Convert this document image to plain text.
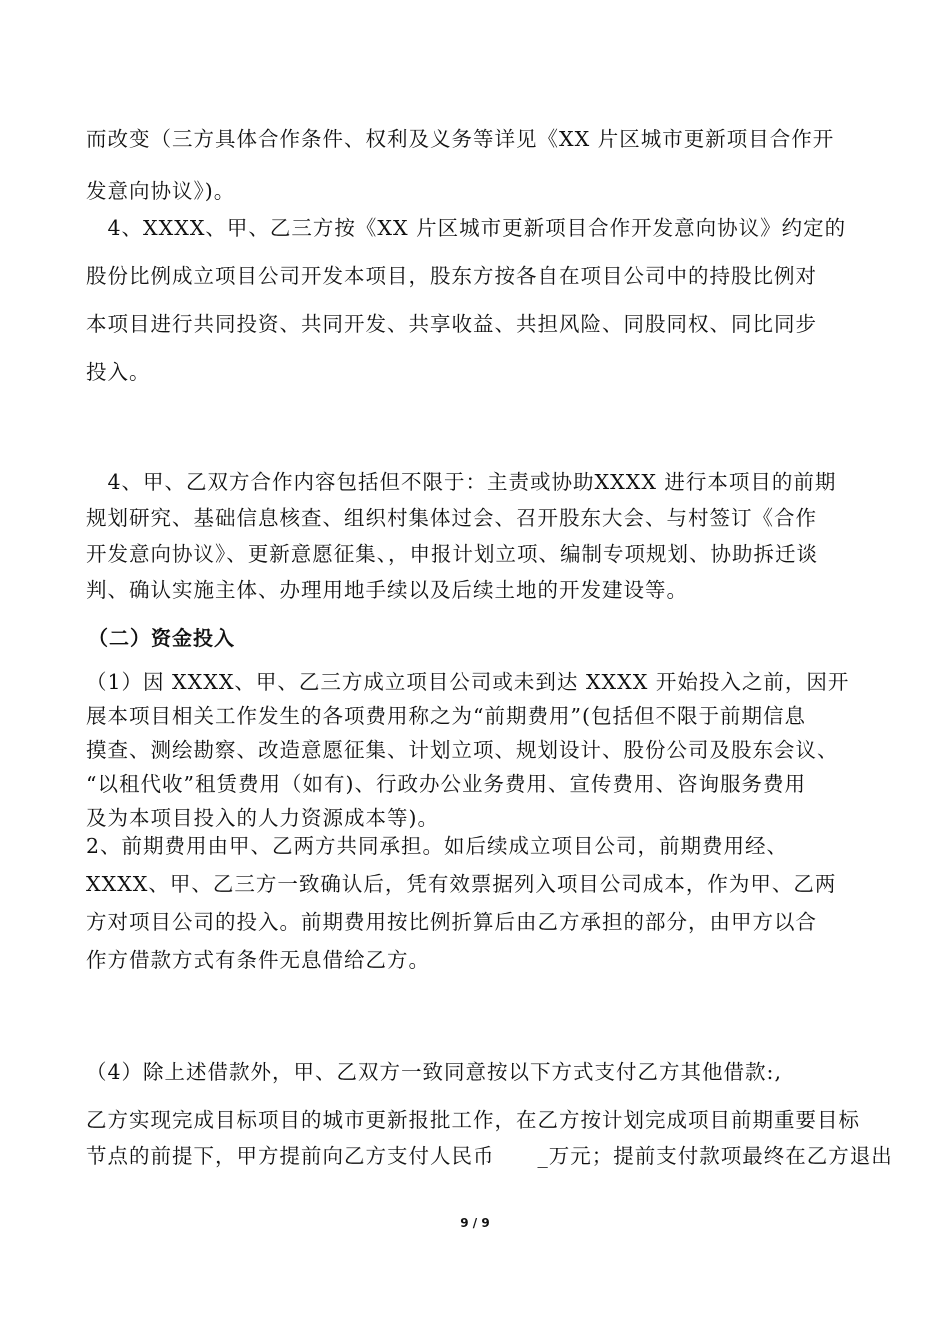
而改变（三方具体合作条件、权利及义务等详见《XX 片区城市更新项目合作开
发意向协议》)。

　4、XXXX、甲、乙三方按《XX 片区城市更新项目合作开发意向协议》约定的
股份比例成立项目公司开发本项目，股东方按各自在项目公司中的持股比例对
本项目进行共同投资、共同开发、共享收益、共担风险、同股同权、同比同步
投入。

　4、甲、乙双方合作内容包括但不限于：主责或协助XXXX 进行本项目的前期
规划研究、基础信息核查、组织村集体过会、召开股东大会、与村签订《合作
开发意向协议》、更新意愿征集、，申报计划立项、编制专项规划、协助拆迁谈
判、确认实施主体、办理用地手续以及后续土地的开发建设等。

（二）资金投入

（1）因 XXXX、甲、乙三方成立项目公司或未到达 XXXX 开始投入之前，因开
展本项目相关工作发生的各项费用称之为“前期费用”(包括但不限于前期信息
摸查、测绘勘察、改造意愿征集、计划立项、规划设计、股份公司及股东会议、
“以租代收”租赁费用（如有)、行政办公业务费用、宣传费用、咨询服务费用
及为本项目投入的人力资源成本等)。

2、前期费用由甲、乙两方共同承担。如后续成立项目公司，前期费用经、
XXXX、甲、乙三方一致确认后，凭有效票据列入项目公司成本，作为甲、乙两
方对项目公司的投入。前期费用按比例折算后由乙方承担的部分，由甲方以合
作方借款方式有条件无息借给乙方。

（4）除上述借款外，甲、乙双方一致同意按以下方式支付乙方其他借款:,

乙方实现完成目标项目的城市更新报批工作，在乙方按计划完成项目前期重要目标
节点的前提下，甲方提前向乙方支付人民币　　_万元；提前支付款项最终在乙方退出

9 / 9
